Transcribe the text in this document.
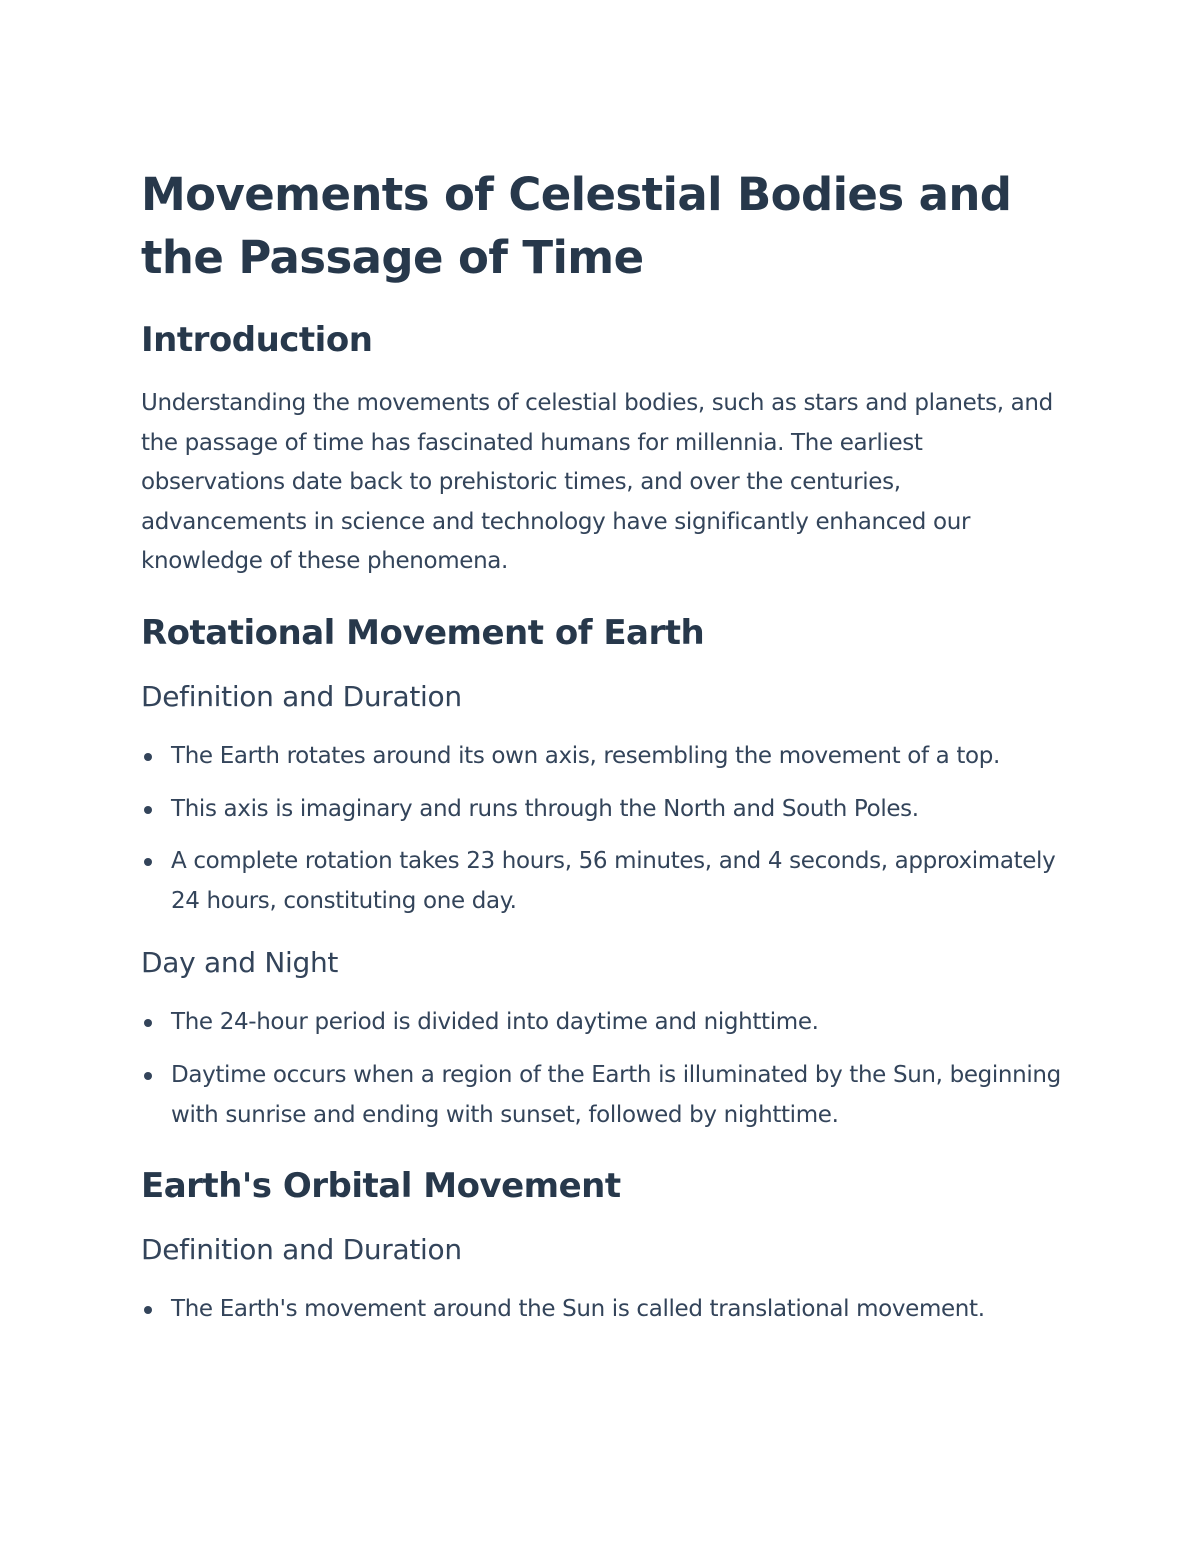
Movements of Celestial Bodies and the Passage of Time
Introduction

Understanding the movements of celestial bodies, such as stars and planets, and the passage of time has fascinated humans for millennia. The earliest observations date back to prehistoric times, and over the centuries, advancements in science and technology have significantly enhanced our knowledge of these phenomena.

Rotational Movement of Earth
Definition and Duration
The Earth rotates around its own axis, resembling the movement of a top.
This axis is imaginary and runs through the North and South Poles.
A complete rotation takes 23 hours, 56 minutes, and 4 seconds, approximately 24 hours, constituting one day.
Day and Night
The 24-hour period is divided into daytime and nighttime.
Daytime occurs when a region of the Earth is illuminated by the Sun, beginning with sunrise and ending with sunset, followed by nighttime.
Earth's Orbital Movement
Definition and Duration
The Earth's movement around the Sun is called translational movement.
